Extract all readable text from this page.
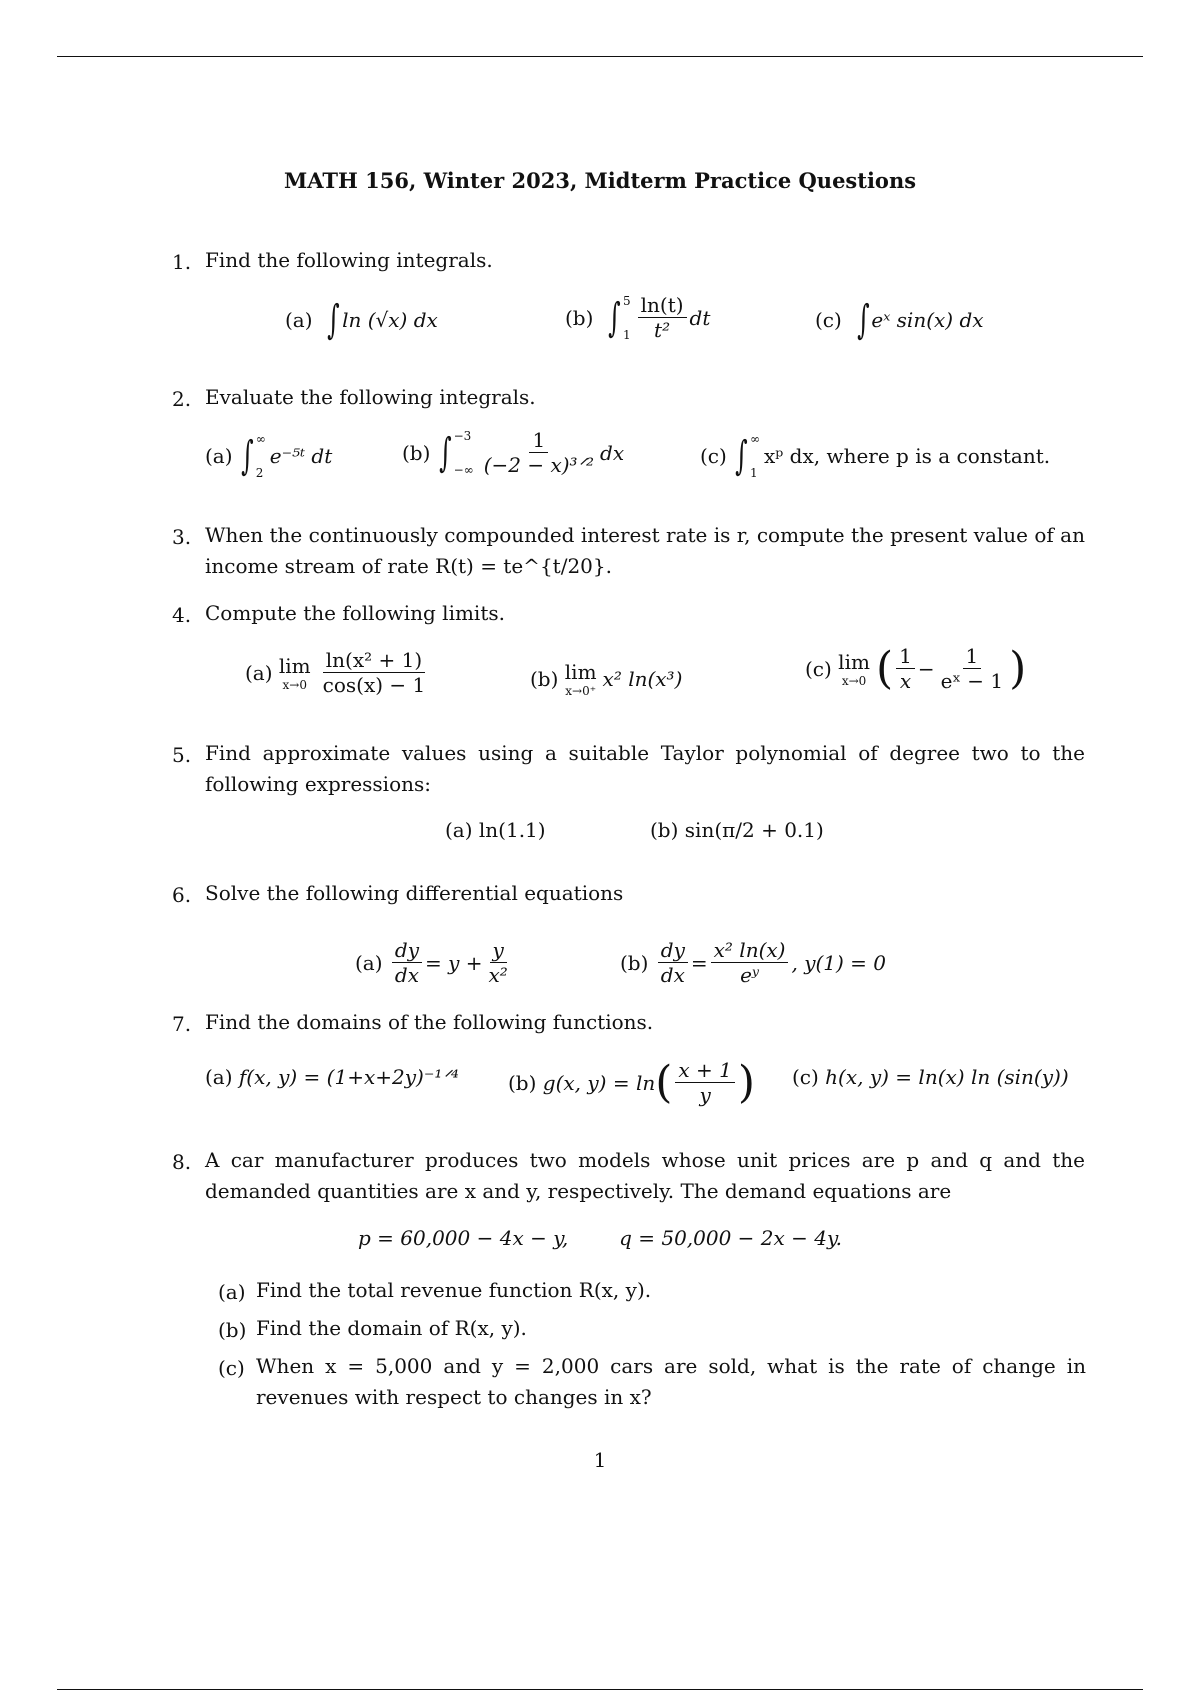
MATH 156, Winter 2023, Midterm Practice Questions
1. Find the following integrals.
(a)
∫ ln (√x) dx	(b)
∫ 5
$1 \frac{\ln(t)}{\text{t²}}$ dt	(c)
∫ eˣ sin(x) dx
2. Evaluate the following integrals.
(a)
∫ ∞
2
e⁻⁵ᵗ dt	(b)
∫ −3
−∞ $\frac{1}{\text{(−2 − x)³ᐟ²}}$ dx	(c)
∫ ∞
1
xᵖ dx, where p is a constant.
3. When the continuously compounded interest rate is r, compute the present value of an income stream of rate R(t) = te^{t/20}.
4. Compute the following limits.
(a)
lim
$x\to 0 \frac{\text{ln(x² + 1)}}{\cos(x) - 1}$	(b)
lim
x→0⁺ x² ln(x³)	(c)
lim
x→0 ( $\frac{1}{x} - \frac{1}{\text{eˣ − 1}}$ )
5. Find approximate values using a suitable Taylor polynomial of degree two to the following expressions:
(a)
ln(1.1)	(b)
sin(π/2 + 0.1)
6. Solve the following differential equations
(a)
$\frac{dy}{dx} = y + \frac{y}{\text{x²}}$	(b)
$\frac{dy}{dx} = \frac{\text{x² ln(x)}}{\text{eʸ}}$ , y(1) = 0
7. Find the domains of the following functions.
(a)
f(x, y) = (1+x+2y)⁻¹ᐟ⁴ (b)
g(x, y) = ln ( $\frac{x + 1}{y}$ ) (c)
h(x, y) = ln(x) ln (sin(y))
8. A car manufacturer produces two models whose unit prices are p and q and the demanded quantities are x and y, respectively. The demand equations are
p = 60,000 − 4x − y,        q = 50,000 − 2x − 4y.
(a) Find the total revenue function R(x, y).
(b) Find the domain of R(x, y).
(c) When x = 5,000 and y = 2,000 cars are sold, what is the rate of change in revenues with respect to changes in x?
1
